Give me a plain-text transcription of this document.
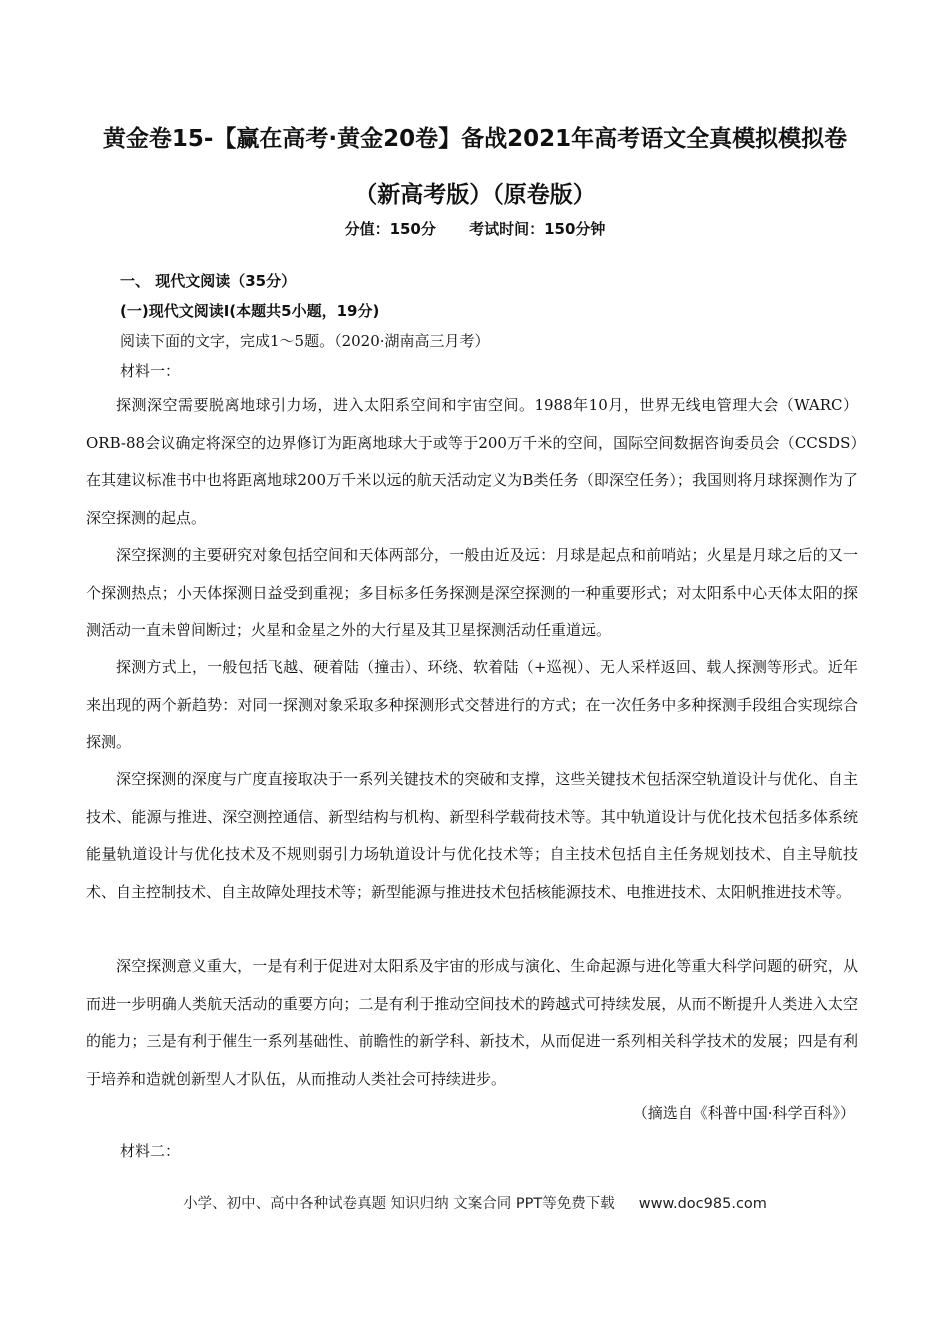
黄金卷15-【赢在高考·黄金20卷】备战2021年高考语文全真模拟模拟卷
（新高考版）（原卷版）
分值：150分 考试时间：150分钟
一、 现代文阅读（35分）
(一)现代文阅读Ⅰ(本题共5小题，19分)
阅读下面的文字，完成1～5题。（2020·湖南高三月考）
材料一：

探测深空需要脱离地球引力场，进入太阳系空间和宇宙空间。1988年10月，世界无线电管理大会（WARC）ORB-88会议确定将深空的边界修订为距离地球大于或等于200万千米的空间，国际空间数据咨询委员会（CCSDS）在其建议标准书中也将距离地球200万千米以远的航天活动定义为B类任务（即深空任务）；我国则将月球探测作为了深空探测的起点。

深空探测的主要研究对象包括空间和天体两部分，一般由近及远：月球是起点和前哨站；火星是月球之后的又一个探测热点；小天体探测日益受到重视；多目标多任务探测是深空探测的一种重要形式；对太阳系中心天体太阳的探测活动一直未曾间断过；火星和金星之外的大行星及其卫星探测活动任重道远。

探测方式上，一般包括飞越、硬着陆（撞击）、环绕、软着陆（+巡视）、无人采样返回、载人探测等形式。近年来出现的两个新趋势：对同一探测对象采取多种探测形式交替进行的方式；在一次任务中多种探测手段组合实现综合探测。

深空探测的深度与广度直接取决于一系列关键技术的突破和支撑，这些关键技术包括深空轨道设计与优化、自主技术、能源与推进、深空测控通信、新型结构与机构、新型科学载荷技术等。其中轨道设计与优化技术包括多体系统能量轨道设计与优化技术及不规则弱引力场轨道设计与优化技术等；自主技术包括自主任务规划技术、自主导航技术、自主控制技术、自主故障处理技术等；新型能源与推进技术包括核能源技术、电推进技术、太阳帆推进技术等。

深空探测意义重大，一是有利于促进对太阳系及宇宙的形成与演化、生命起源与进化等重大科学问题的研究，从而进一步明确人类航天活动的重要方向；二是有利于推动空间技术的跨越式可持续发展，从而不断提升人类进入太空的能力；三是有利于催生一系列基础性、前瞻性的新学科、新技术，从而促进一系列相关科学技术的发展；四是有利于培养和造就创新型人才队伍，从而推动人类社会可持续进步。

（摘选自《科普中国·科学百科》）
材料二：
小学、初中、高中各种试卷真题 知识归纳 文案合同 PPT等免费下载 www.doc985.com
